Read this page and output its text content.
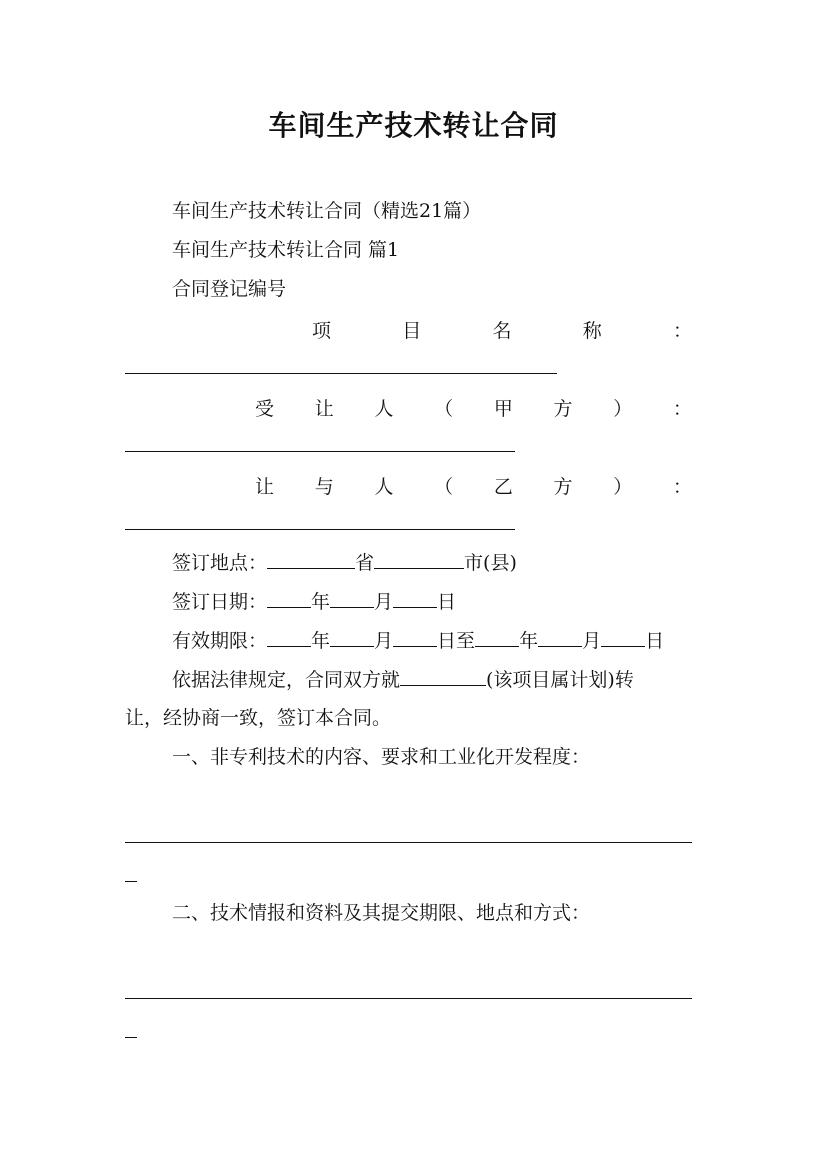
车间生产技术转让合同
车间生产技术转让合同（精选21篇）
车间生产技术转让合同 篇1
合同登记编号
项	目	名	称	：
受 让 人 （ 甲 方 ） ：
让 与 人 （ 乙 方 ） ：
签订地点：	省	市(县)
签订日期： 年 月 日
有效期限： 年 月 日至 年 月 日
依据法律规定，合同双方就	(该项目属计划)转
让，经协商一致，签订本合同。
一、非专利技术的内容、要求和工业化开发程度：
二、技术情报和资料及其提交期限、地点和方式：
